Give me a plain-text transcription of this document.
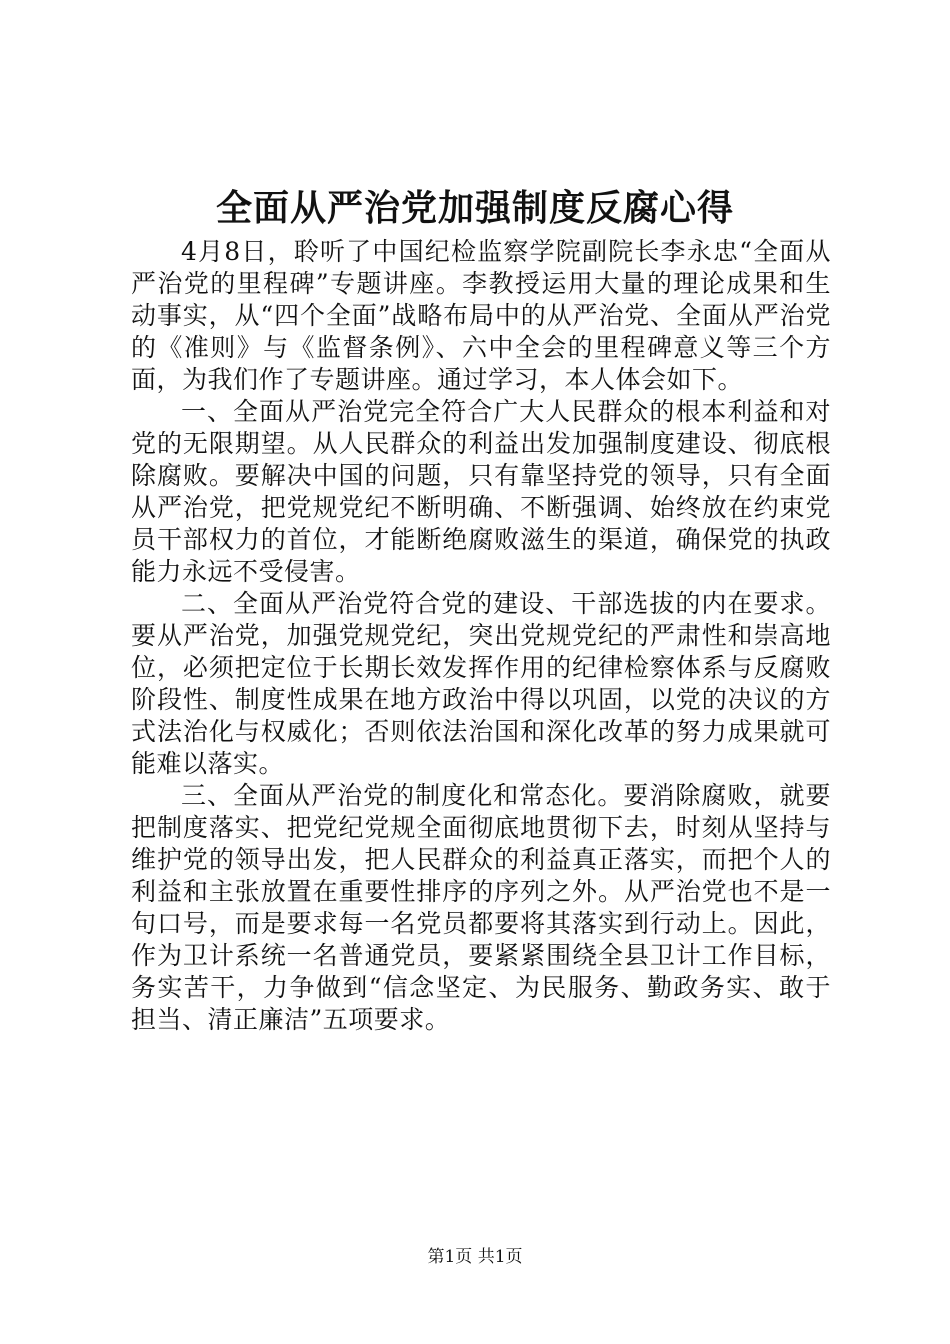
全面从严治党加强制度反腐心得

4月8日，聆听了中国纪检监察学院副院长李永忠“全面从严治党的里程碑”专题讲座。李教授运用大量的理论成果和生动事实，从“四个全面”战略布局中的从严治党、全面从严治党的《准则》与《监督条例》、六中全会的里程碑意义等三个方面，为我们作了专题讲座。通过学习，本人体会如下。

一、全面从严治党完全符合广大人民群众的根本利益和对党的无限期望。从人民群众的利益出发加强制度建设、彻底根除腐败。要解决中国的问题，只有靠坚持党的领导，只有全面从严治党，把党规党纪不断明确、不断强调、始终放在约束党员干部权力的首位，才能断绝腐败滋生的渠道，确保党的执政能力永远不受侵害。

二、全面从严治党符合党的建设、干部选拔的内在要求。要从严治党，加强党规党纪，突出党规党纪的严肃性和崇高地位，必须把定位于长期长效发挥作用的纪律检察体系与反腐败阶段性、制度性成果在地方政治中得以巩固，以党的决议的方式法治化与权威化；否则依法治国和深化改革的努力成果就可能难以落实。

三、全面从严治党的制度化和常态化。要消除腐败，就要把制度落实、把党纪党规全面彻底地贯彻下去，时刻从坚持与维护党的领导出发，把人民群众的利益真正落实，而把个人的利益和主张放置在重要性排序的序列之外。从严治党也不是一句口号，而是要求每一名党员都要将其落实到行动上。因此，作为卫计系统一名普通党员，要紧紧围绕全县卫计工作目标，务实苦干，力争做到“信念坚定、为民服务、勤政务实、敢于担当、清正廉洁”五项要求。

第1页 共1页
